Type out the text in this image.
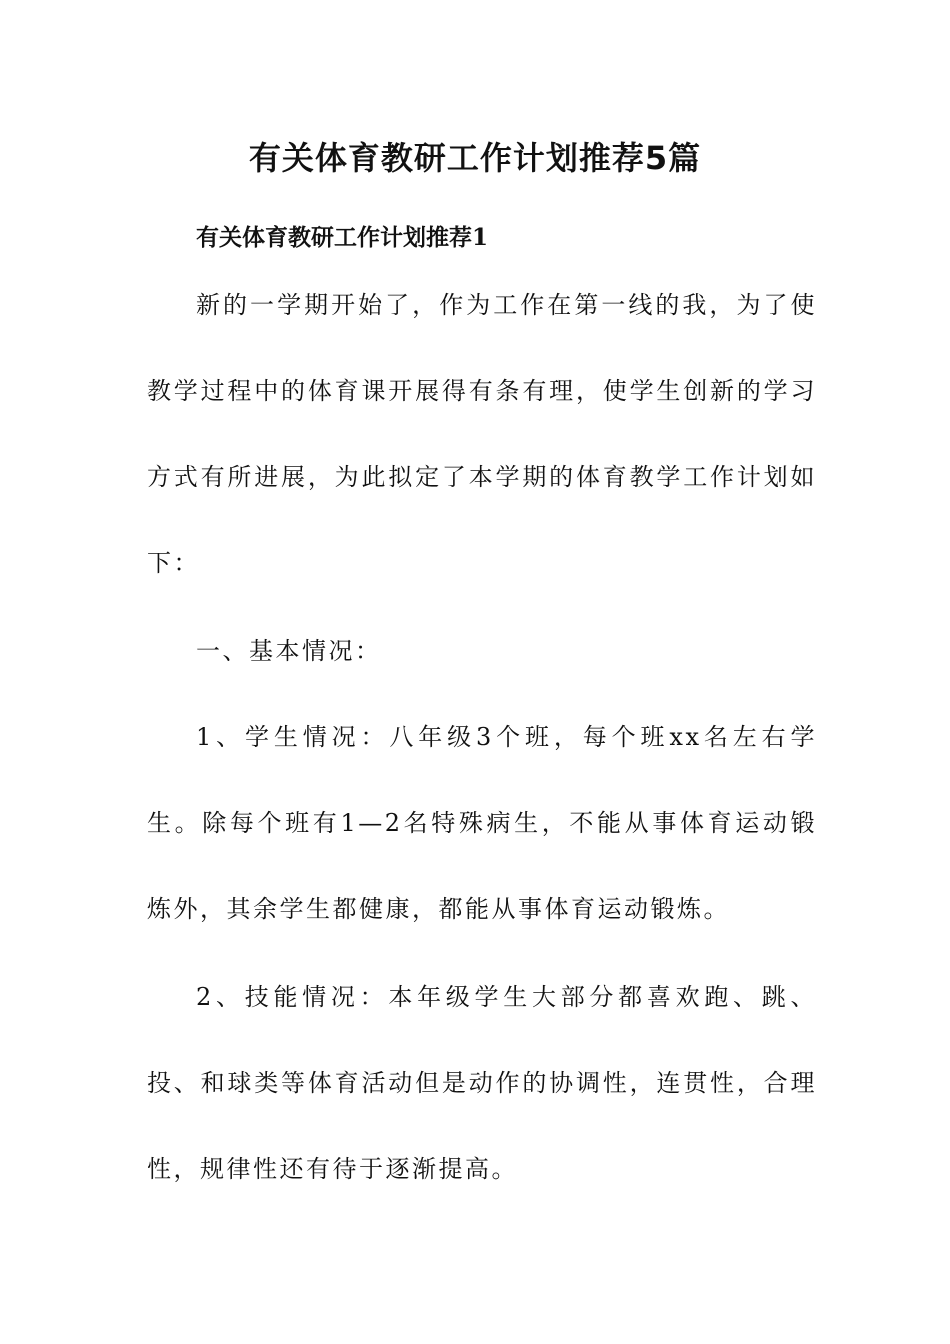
有关体育教研工作计划推荐5篇
有关体育教研工作计划推荐1
新的一学期开始了，作为工作在第一线的我，为了使教学过程中的体育课开展得有条有理，使学生创新的学习方式有所进展，为此拟定了本学期的体育教学工作计划如下：
一、基本情况：
1、学生情况：八年级3个班，每个班xx名左右学生。除每个班有1—2名特殊病生，不能从事体育运动锻炼外，其余学生都健康，都能从事体育运动锻炼。
2、技能情况：本年级学生大部分都喜欢跑、跳、投、和球类等体育活动但是动作的协调性，连贯性，合理性，规律性还有待于逐渐提高。
